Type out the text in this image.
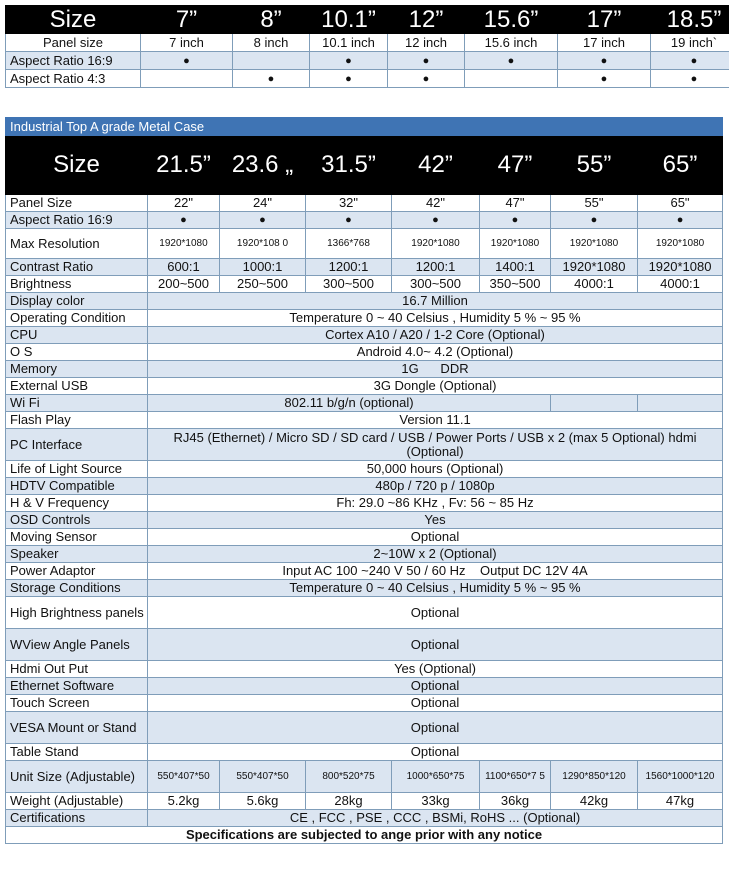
Size	7”	8”	10.1”	12”	15.6”	17”	18.5”
Panel size	7 inch	8 inch	10.1 inch	12 inch	15.6 inch	17 inch	19 inch`
Aspect Ratio 16:9	●		●	●	●	●	●
Aspect Ratio 4:3		●	●	●		●	●
Industrial Top A grade Metal Case							
Size	21.5”	23.6 „	31.5”	42”	47”	55”	65”
Panel Size	22"	24"	32"	42"	47"	55"	65"
Aspect Ratio 16:9	●	●	●	●	●	●	●
Max Resolution	1920*1080	1920*108 0	1366*768	1920*1080	1920*1080	1920*1080	1920*1080
Contrast Ratio	600:1	1000:1	1200:1	1200:1	1400:1	1920*1080	1920*1080
Brightness	200~500	250~500	300~500	300~500	350~500	4000:1	4000:1
Display color	16.7 Million						
Operating Condition	Temperature 0 ~ 40 Celsius , Humidity 5 % ~ 95 %						
CPU	Cortex A10 / A20 / 1-2 Core (Optional)						
O S	Android 4.0~ 4.2 (Optional)						
Memory	1G      DDR						
External USB	3G Dongle (Optional)						
Wi Fi	802.11 b/g/n (optional)						
Flash Play	Version 11.1						
PC Interface	RJ45 (Ethernet) / Micro SD / SD card / USB / Power Ports / USB x 2 (max 5 Optional) hdmi (Optional)						
Life of Light Source	50,000 hours (Optional)						
HDTV Compatible	480p / 720 p / 1080p						
H & V Frequency	Fh: 29.0 ~86 KHz , Fv: 56 ~ 85 Hz						
OSD Controls	Yes						
Moving Sensor	Optional						
Speaker	2~10W x 2 (Optional)						
Power Adaptor	Input AC 100 ~240 V 50 / 60 Hz    Output DC 12V 4A						
Storage Conditions	Temperature 0 ~ 40 Celsius , Humidity 5 % ~ 95 %						
High Brightness panels	Optional						
WView Angle Panels	Optional						
Hdmi Out Put	Yes (Optional)						
Ethernet Software	Optional						
Touch Screen	Optional						
VESA Mount or Stand	Optional						
Table Stand	Optional						
Unit Size (Adjustable)	550*407*50	550*407*50	800*520*75	1000*650*75	1100*650*7 5	1290*850*120	1560*1000*120
Weight (Adjustable)	5.2kg	5.6kg	28kg	33kg	36kg	42kg	47kg
Certifications	CE , FCC , PSE , CCC , BSMi, RoHS ... (Optional)						
Specifications are subjected to ange prior with any notice							
